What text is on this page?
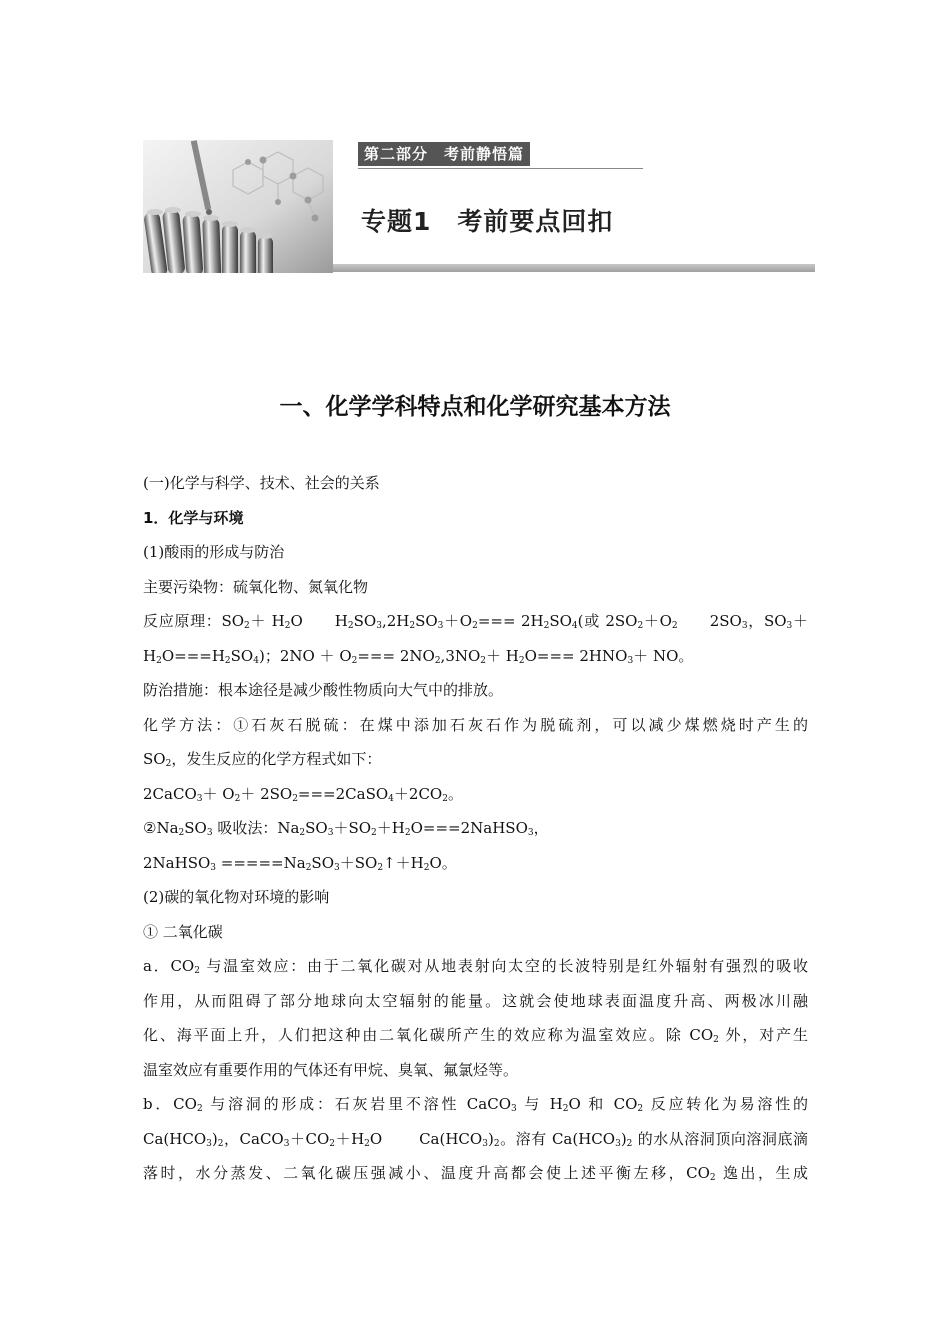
第二部分　考前静悟篇
专题1　考前要点回扣
一、化学学科特点和化学研究基本方法
(一)化学与科学、技术、社会的关系
1．化学与环境
(1)酸雨的形成与防治
主要污染物：硫氧化物、氮氧化物
反应原理：$SO_2+ H_2O$　　$H_2SO_3,2H_2SO_3+O_2=== 2H_2SO_4$(或 $2SO_2+O_2$　　$2SO_3$，$SO_3+$
$H_2O===H_2SO_4$)；$2NO + O_2=== 2NO_2,3NO_2+ H_2O=== 2HNO_3+$ NO。
防治措施：根本途径是减少酸性物质向大气中的排放。
化学方法：①石灰石脱硫：在煤中添加石灰石作为脱硫剂，可以减少煤燃烧时产生的
$SO_2$，发生反应的化学方程式如下：
2CaCO$_3$＋ $O_2+$ $2SO_2===2CaSO_4+2CO_2$。
$②Na_2SO_3$ 吸收法：$Na_2SO_3+SO_2+H_2O===2NaHSO_3$，
2NaHSO$_3$ $=====Na_2SO_3+SO_2↑+H_2O$。
(2)碳的氧化物对环境的影响
① 二氧化碳
a．$CO_2$ 与温室效应：由于二氧化碳对从地表射向太空的长波特别是红外辐射有强烈的吸收
作用，从而阻碍了部分地球向太空辐射的能量。这就会使地球表面温度升高、两极冰川融
化、海平面上升，人们把这种由二氧化碳所产生的效应称为温室效应。除 $CO_2$ 外，对产生
温室效应有重要作用的气体还有甲烷、臭氧、氟氯烃等。
b．$CO_2$ 与溶洞的形成：石灰岩里不溶性 CaCO$_3$ 与 $H_2O$ 和 $CO_2$ 反应转化为易溶性的
$Ca(HCO_3)_2$，$CaCO_3+CO_2+H_2O$　　 $Ca(HCO_3)_2$。溶有 $Ca(HCO_3)_2$ 的水从溶洞顶向溶洞底滴
落时，水分蒸发、二氧化碳压强减小、温度升高都会使上述平衡左移，$CO_2$ 逸出，生成
